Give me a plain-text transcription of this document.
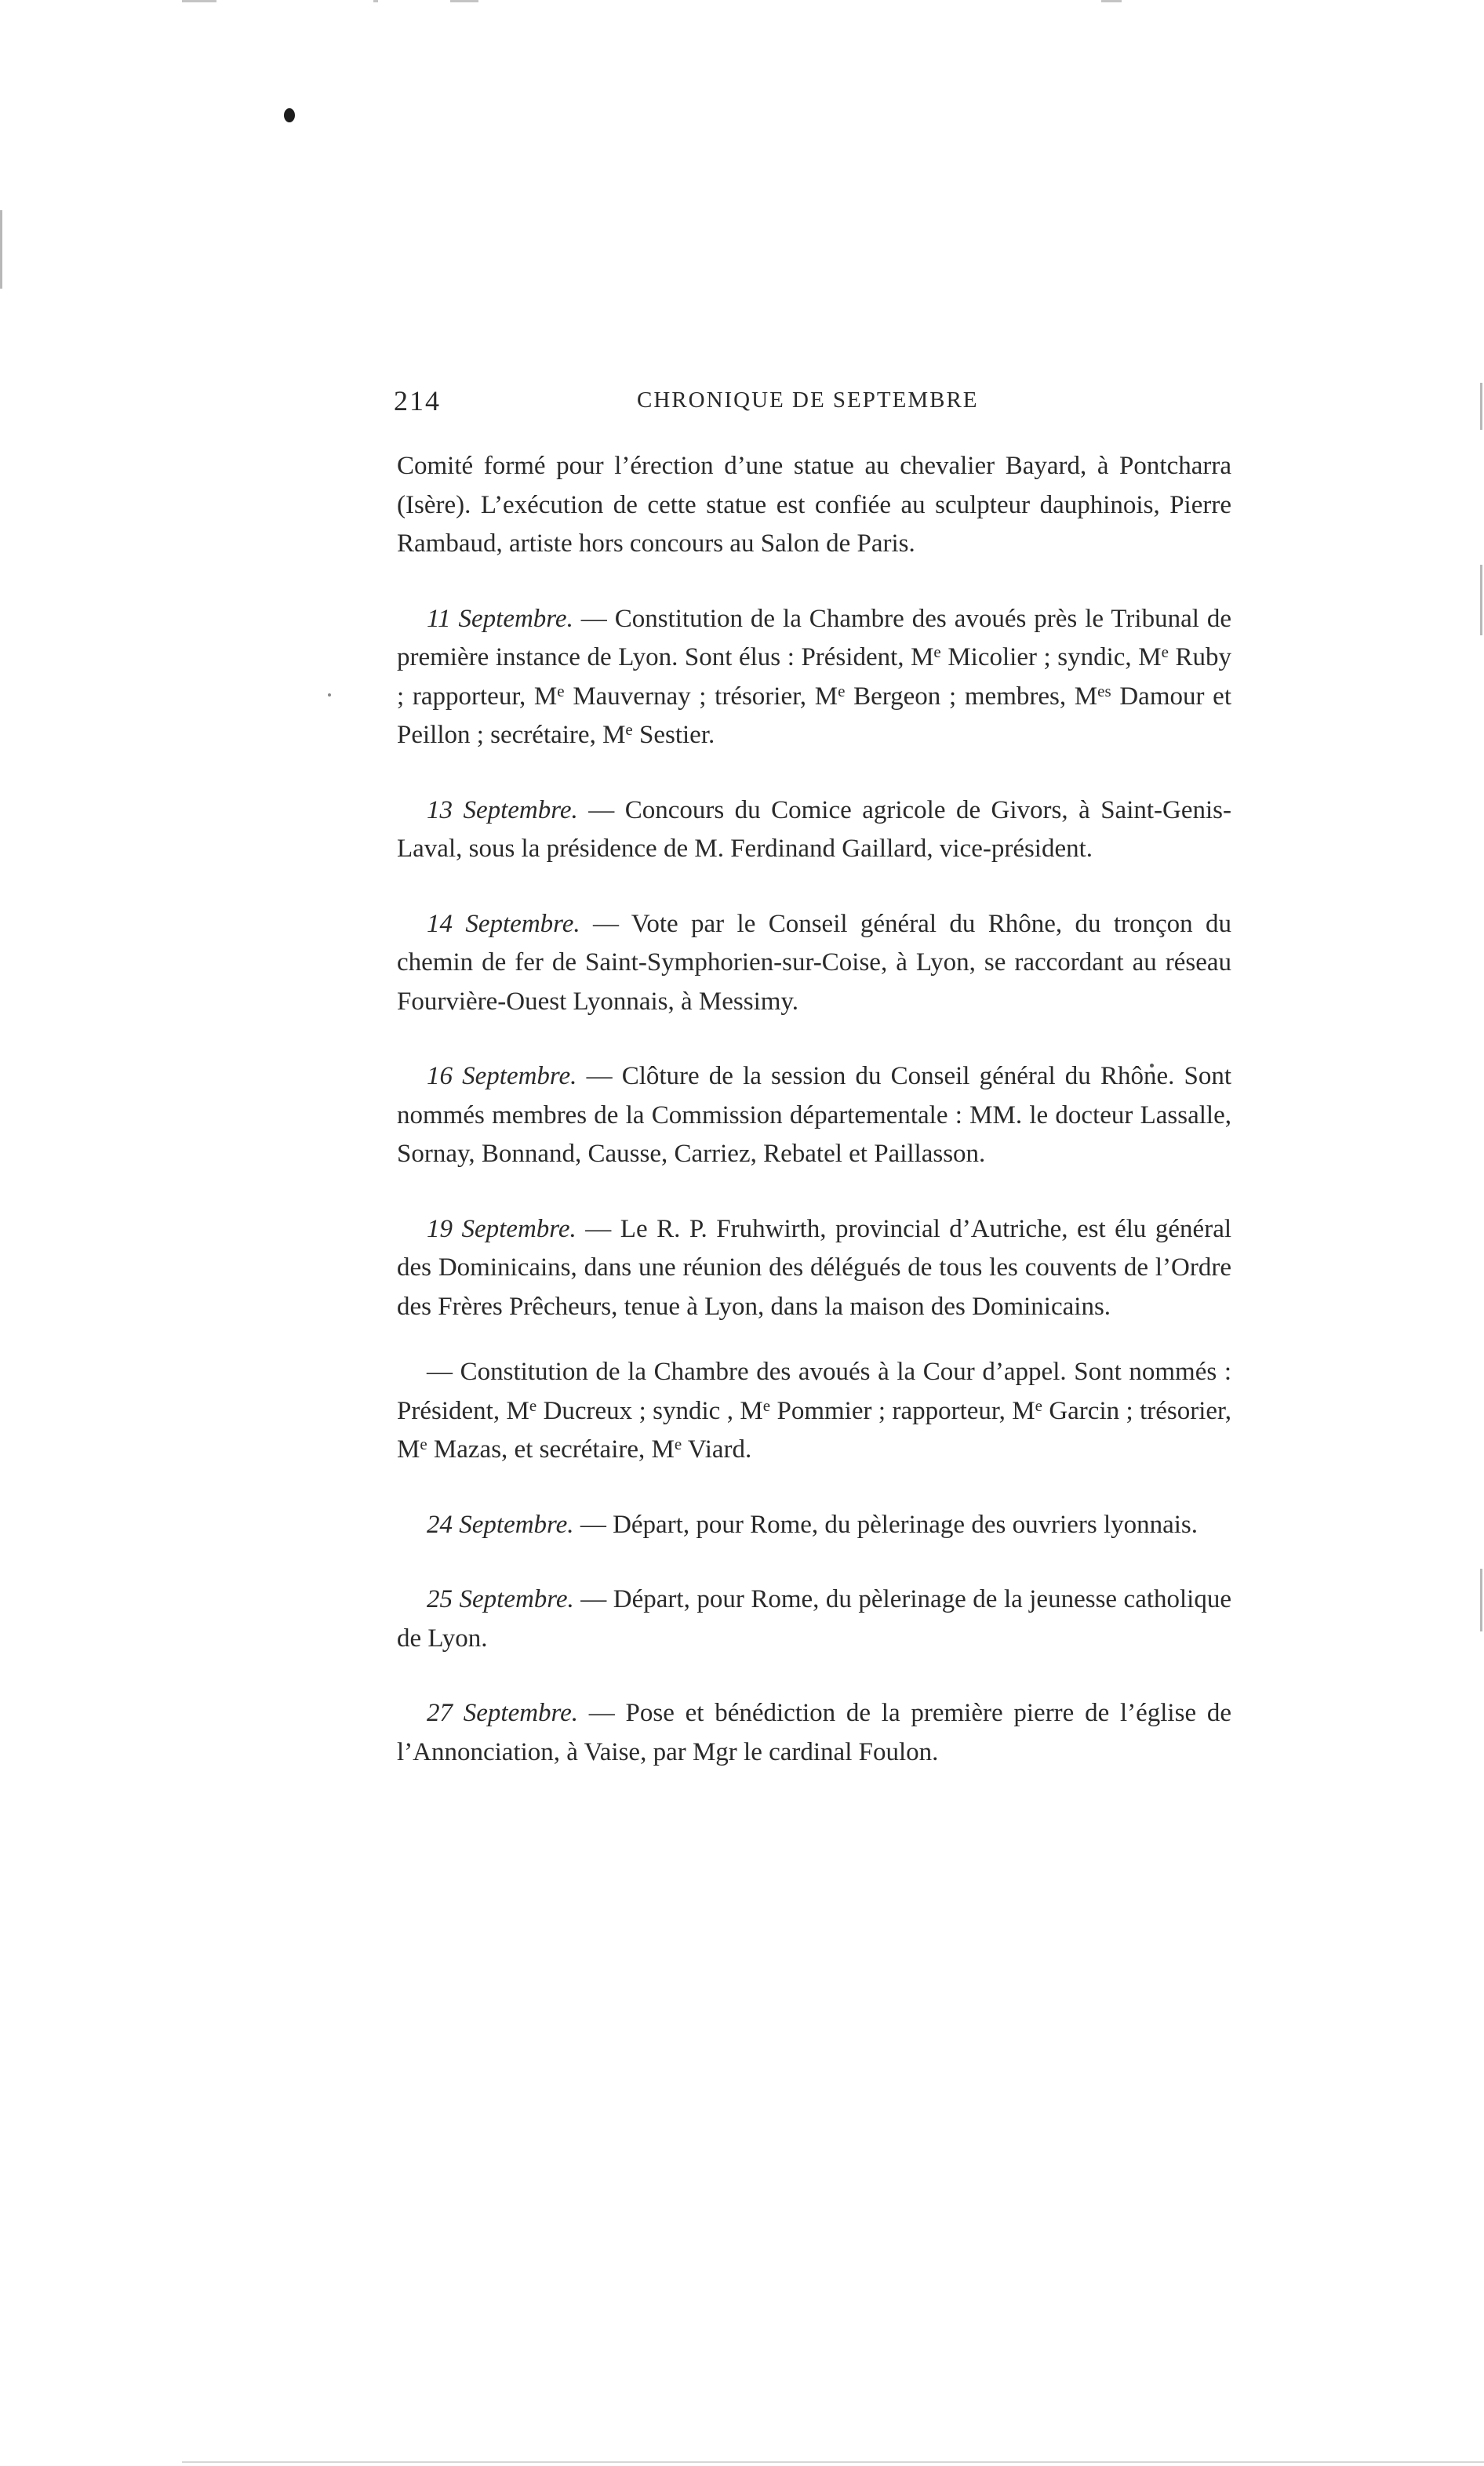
214	CHRONIQUE DE SEPTEMBRE

Comité formé pour l’érection d’une statue au chevalier Bayard, à Pontcharra (Isère). L’exécution de cette statue est confiée au sculpteur dauphinois, Pierre Rambaud, artiste hors concours au Salon de Paris.

11 Septembre. — Constitution de la Chambre des avoués près le Tribunal de première instance de Lyon. Sont élus : Président, Me Micolier ; syndic, Me Ruby ; rapporteur, Me Mauvernay ; trésorier, Me Bergeon ; membres, $M^{es}$ Damour et Peillon ; secrétaire, Me Sestier.

13 Septembre. — Concours du Comice agricole de Givors, à Saint-Genis-Laval, sous la présidence de M. Ferdinand Gaillard, vice-président.

14 Septembre. — Vote par le Conseil général du Rhône, du tronçon du chemin de fer de Saint-Symphorien-sur-Coise, à Lyon, se raccordant au réseau Fourvière-Ouest Lyonnais, à Messimy.

16 Septembre. — Clôture de la session du Conseil général du Rhône. Sont nommés membres de la Commission départementale : MM. le docteur Lassalle, Sornay, Bonnand, Causse, Carriez, Rebatel et Paillasson.

19 Septembre. — Le R. P. Fruhwirth, provincial d’Autriche, est élu général des Dominicains, dans une réunion des délégués de tous les couvents de l’Ordre des Frères Prêcheurs, tenue à Lyon, dans la maison des Dominicains.

— Constitution de la Chambre des avoués à la Cour d’appel. Sont nommés : Président, Me Ducreux ; syndic , Me Pommier ; rapporteur, Me Garcin ; trésorier, Me Mazas, et secrétaire, Me Viard.

24 Septembre. — Départ, pour Rome, du pèlerinage des ouvriers lyonnais.

25 Septembre. — Départ, pour Rome, du pèlerinage de la jeunesse catholique de Lyon.

27 Septembre. — Pose et bénédiction de la première pierre de l’église de l’Annonciation, à Vaise, par Mgr le cardinal Foulon.
